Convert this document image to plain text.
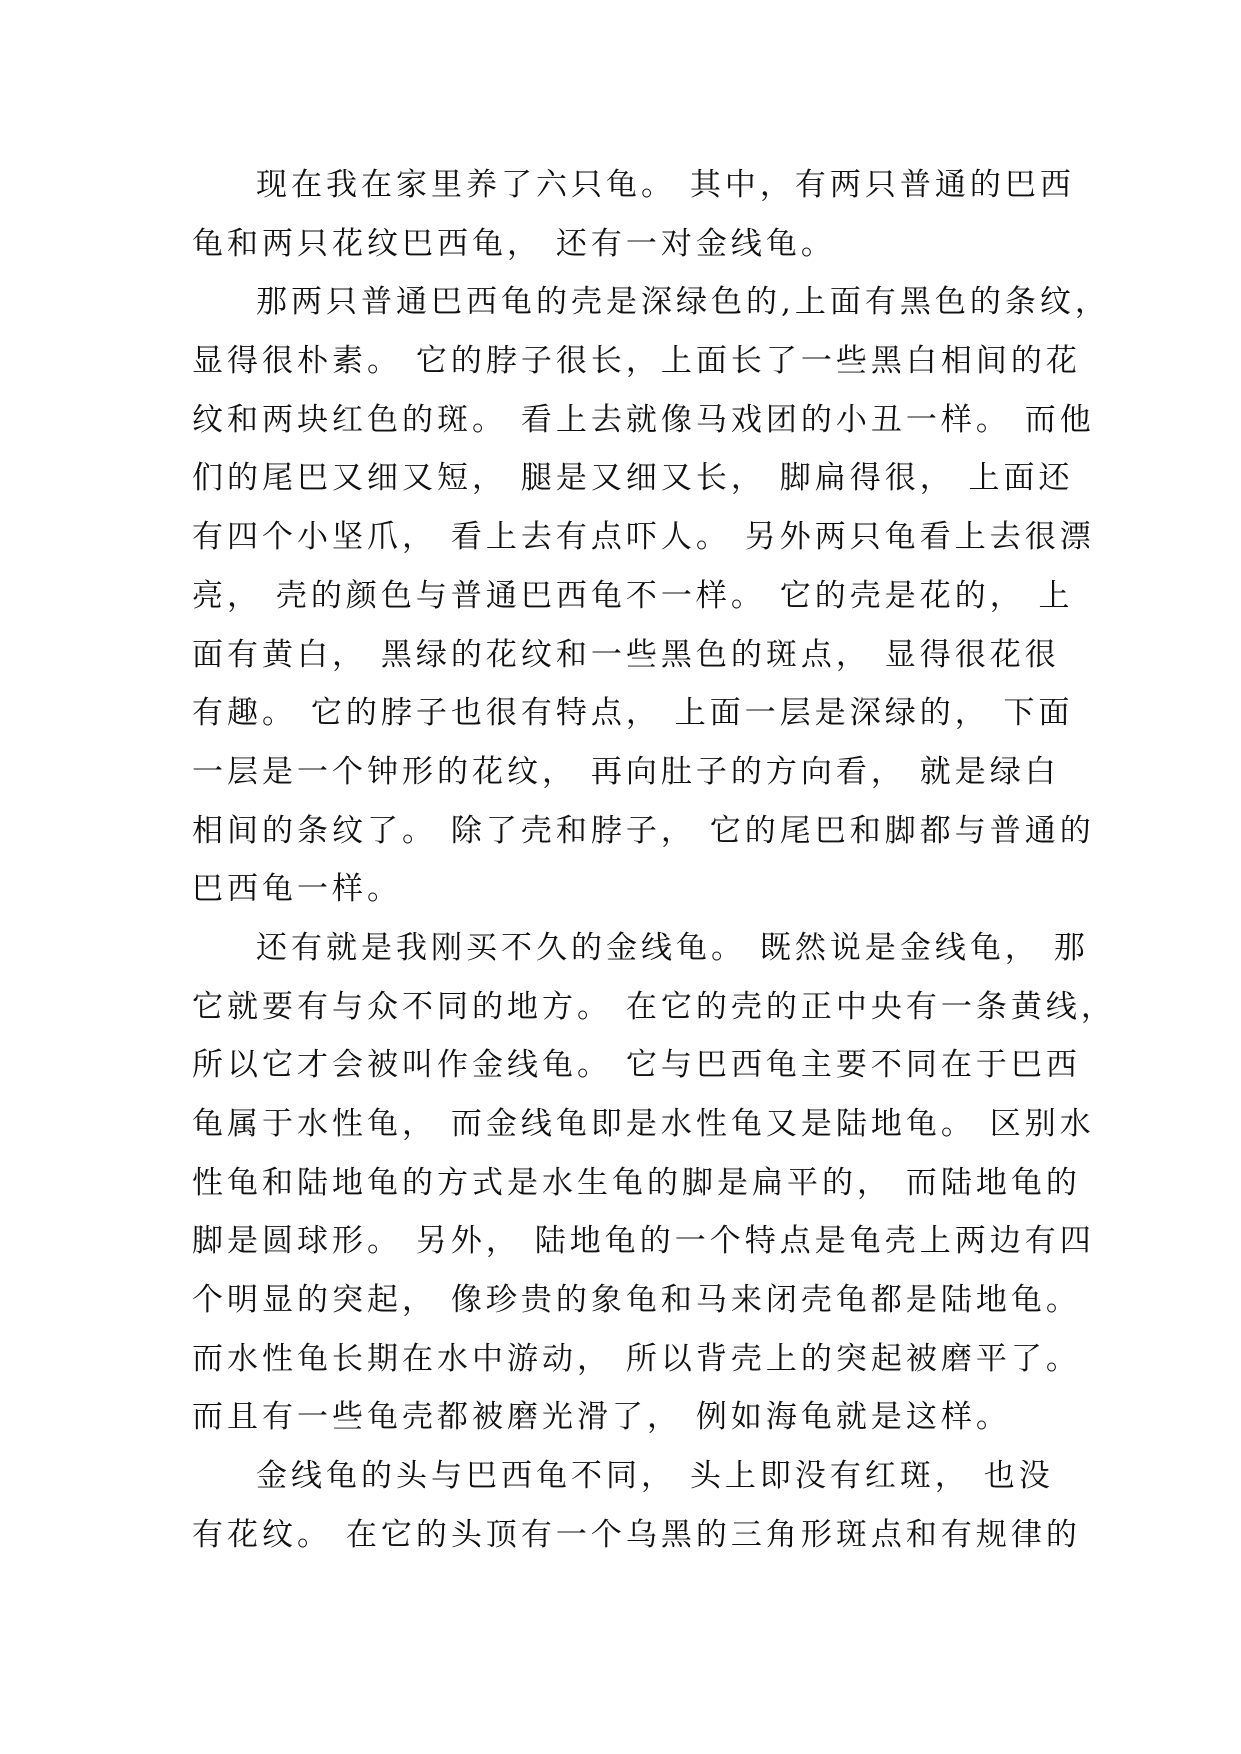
现在我在家里养了六只龟。 其中，有两只普通的巴西
龟和两只花纹巴西龟， 还有一对金线龟。
那两只普通巴西龟的壳是深绿色的,上面有黑色的条纹，
显得很朴素。 它的脖子很长，上面长了一些黑白相间的花
纹和两块红色的斑。 看上去就像马戏团的小丑一样。 而他
们的尾巴又细又短， 腿是又细又长， 脚扁得很， 上面还
有四个小坚爪， 看上去有点吓人。 另外两只龟看上去很漂
亮， 壳的颜色与普通巴西龟不一样。 它的壳是花的， 上
面有黄白， 黑绿的花纹和一些黑色的斑点， 显得很花很
有趣。 它的脖子也很有特点， 上面一层是深绿的， 下面
一层是一个钟形的花纹， 再向肚子的方向看， 就是绿白
相间的条纹了。 除了壳和脖子， 它的尾巴和脚都与普通的
巴西龟一样。
还有就是我刚买不久的金线龟。 既然说是金线龟， 那
它就要有与众不同的地方。 在它的壳的正中央有一条黄线，
所以它才会被叫作金线龟。 它与巴西龟主要不同在于巴西
龟属于水性龟， 而金线龟即是水性龟又是陆地龟。 区别水
性龟和陆地龟的方式是水生龟的脚是扁平的， 而陆地龟的
脚是圆球形。 另外， 陆地龟的一个特点是龟壳上两边有四
个明显的突起， 像珍贵的象龟和马来闭壳龟都是陆地龟。
而水性龟长期在水中游动， 所以背壳上的突起被磨平了。
而且有一些龟壳都被磨光滑了， 例如海龟就是这样。
金线龟的头与巴西龟不同， 头上即没有红斑， 也没
有花纹。 在它的头顶有一个乌黑的三角形斑点和有规律的
